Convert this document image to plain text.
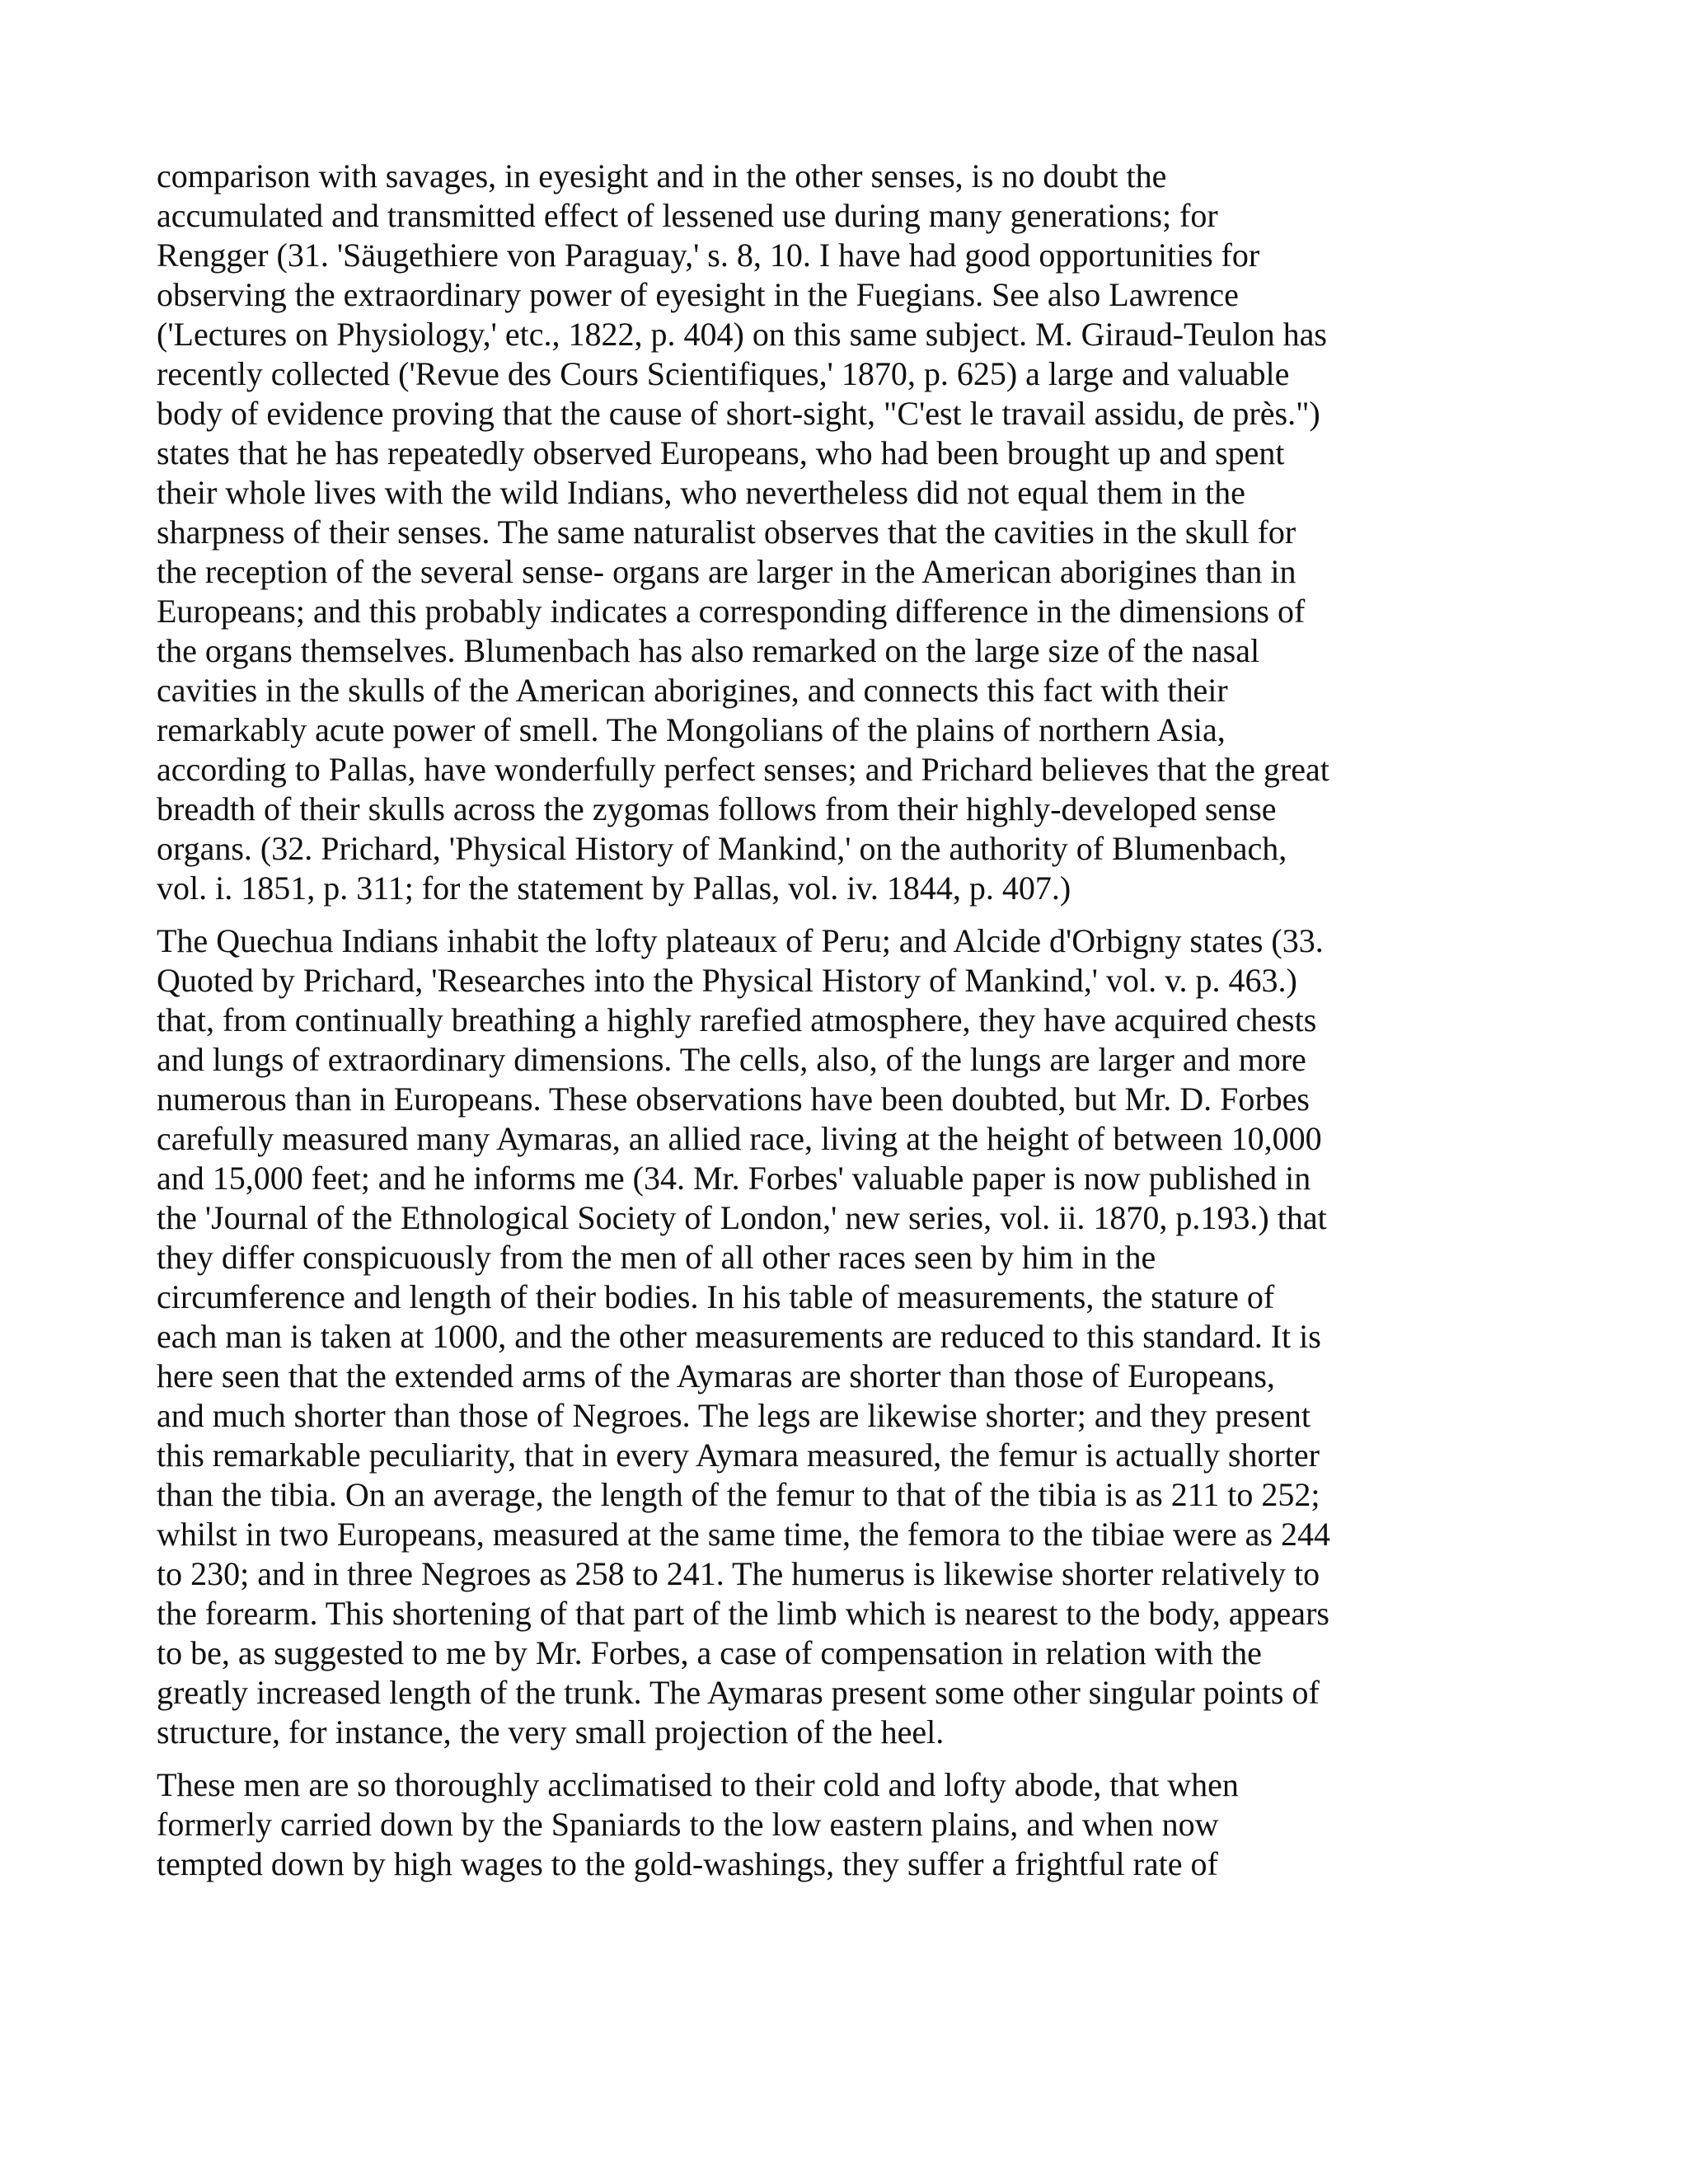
comparison with savages, in eyesight and in the other senses, is no doubt the
accumulated and transmitted effect of lessened use during many generations; for
Rengger (31. 'Säugethiere von Paraguay,' s. 8, 10. I have had good opportunities for
observing the extraordinary power of eyesight in the Fuegians. See also Lawrence
('Lectures on Physiology,' etc., 1822, p. 404) on this same subject. M. Giraud-Teulon has
recently collected ('Revue des Cours Scientifiques,' 1870, p. 625) a large and valuable
body of evidence proving that the cause of short-sight, "C'est le travail assidu, de près.")
states that he has repeatedly observed Europeans, who had been brought up and spent
their whole lives with the wild Indians, who nevertheless did not equal them in the
sharpness of their senses. The same naturalist observes that the cavities in the skull for
the reception of the several sense- organs are larger in the American aborigines than in
Europeans; and this probably indicates a corresponding difference in the dimensions of
the organs themselves. Blumenbach has also remarked on the large size of the nasal
cavities in the skulls of the American aborigines, and connects this fact with their
remarkably acute power of smell. The Mongolians of the plains of northern Asia,
according to Pallas, have wonderfully perfect senses; and Prichard believes that the great
breadth of their skulls across the zygomas follows from their highly-developed sense
organs. (32. Prichard, 'Physical History of Mankind,' on the authority of Blumenbach,
vol. i. 1851, p. 311; for the statement by Pallas, vol. iv. 1844, p. 407.)
The Quechua Indians inhabit the lofty plateaux of Peru; and Alcide d'Orbigny states (33.
Quoted by Prichard, 'Researches into the Physical History of Mankind,' vol. v. p. 463.)
that, from continually breathing a highly rarefied atmosphere, they have acquired chests
and lungs of extraordinary dimensions. The cells, also, of the lungs are larger and more
numerous than in Europeans. These observations have been doubted, but Mr. D. Forbes
carefully measured many Aymaras, an allied race, living at the height of between 10,000
and 15,000 feet; and he informs me (34. Mr. Forbes' valuable paper is now published in
the 'Journal of the Ethnological Society of London,' new series, vol. ii. 1870, p.193.) that
they differ conspicuously from the men of all other races seen by him in the
circumference and length of their bodies. In his table of measurements, the stature of
each man is taken at 1000, and the other measurements are reduced to this standard. It is
here seen that the extended arms of the Aymaras are shorter than those of Europeans,
and much shorter than those of Negroes. The legs are likewise shorter; and they present
this remarkable peculiarity, that in every Aymara measured, the femur is actually shorter
than the tibia. On an average, the length of the femur to that of the tibia is as 211 to 252;
whilst in two Europeans, measured at the same time, the femora to the tibiae were as 244
to 230; and in three Negroes as 258 to 241. The humerus is likewise shorter relatively to
the forearm. This shortening of that part of the limb which is nearest to the body, appears
to be, as suggested to me by Mr. Forbes, a case of compensation in relation with the
greatly increased length of the trunk. The Aymaras present some other singular points of
structure, for instance, the very small projection of the heel.
These men are so thoroughly acclimatised to their cold and lofty abode, that when
formerly carried down by the Spaniards to the low eastern plains, and when now
tempted down by high wages to the gold-washings, they suffer a frightful rate of
